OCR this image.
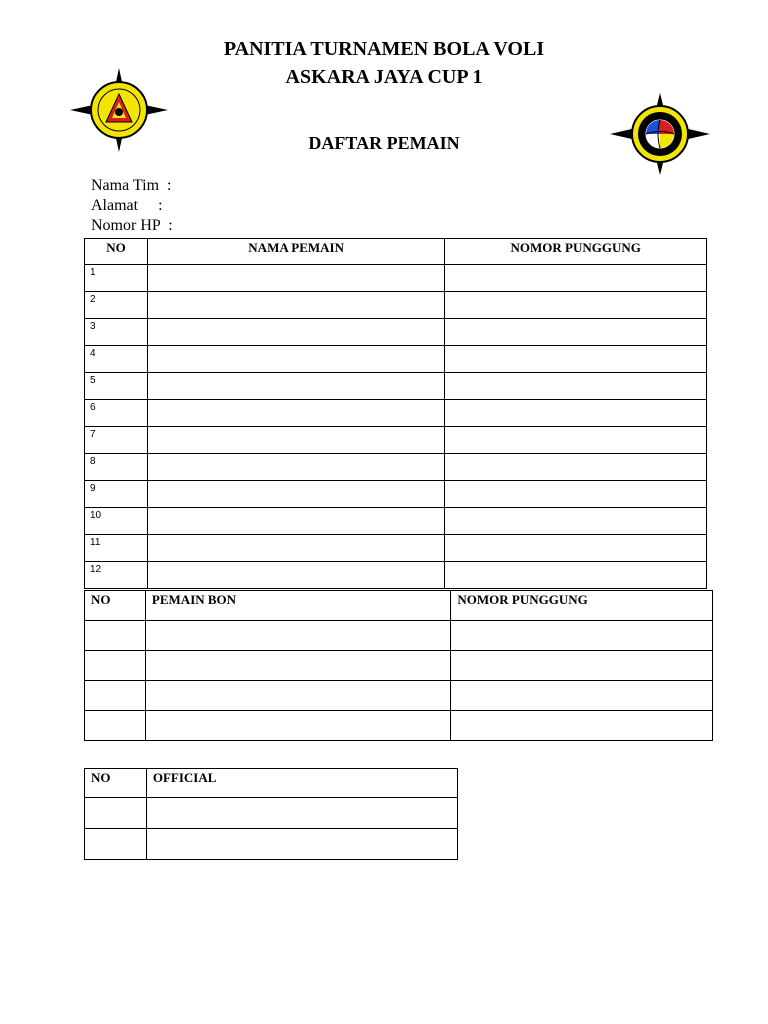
PANITIA TURNAMEN BOLA VOLI
ASKARA JAYA CUP 1
DAFTAR PEMAIN
Nama Tim  :
Alamat     :
Nomor HP  :
NO	NAMA PEMAIN	NOMOR PUNGGUNG
1		
2		
3		
4		
5		
6		
7		
8		
9		
10		
11		
12		
NO	PEMAIN BON	NOMOR PUNGGUNG

NO	OFFICIAL
